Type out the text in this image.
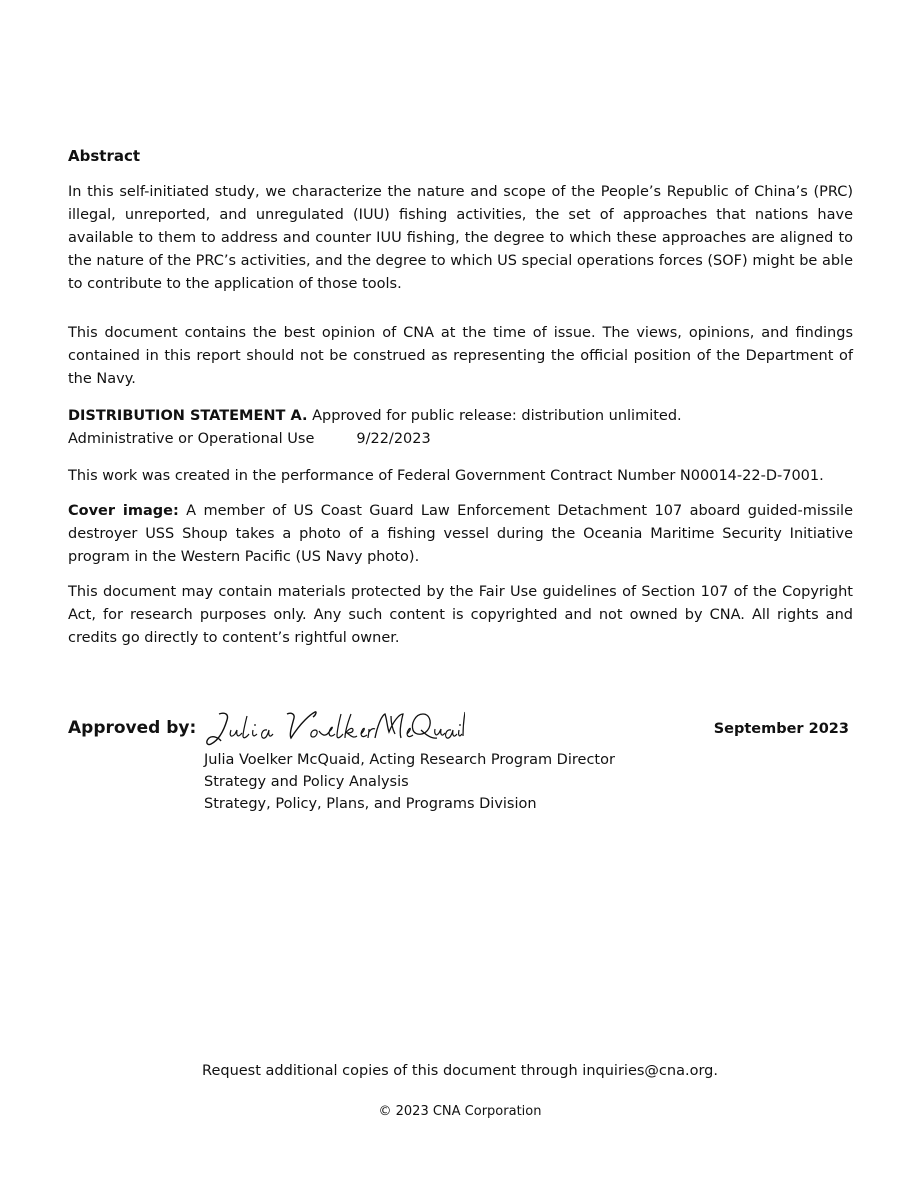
Abstract

In this self-initiated study, we characterize the nature and scope of the People’s Republic of China’s (PRC) illegal, unreported, and unregulated (IUU) fishing activities, the set of approaches that nations have available to them to address and counter IUU fishing, the degree to which these approaches are aligned to the nature of the PRC’s activities, and the degree to which US special operations forces (SOF) might be able to contribute to the application of those tools.

This document contains the best opinion of CNA at the time of issue. The views, opinions, and findings contained in this report should not be construed as representing the official position of the Department of the Navy.

DISTRIBUTION STATEMENT A. Approved for public release: distribution unlimited.
Administrative or Operational Use	9/22/2023

This work was created in the performance of Federal Government Contract Number N00014-22-D-7001.

Cover image: A member of US Coast Guard Law Enforcement Detachment 107 aboard guided-missile destroyer USS Shoup takes a photo of a fishing vessel during the Oceania Maritime Security Initiative program in the Western Pacific (US Navy photo).

This document may contain materials protected by the Fair Use guidelines of Section 107 of the Copyright Act, for research purposes only. Any such content is copyrighted and not owned by CNA. All rights and credits go directly to content’s rightful owner.

Approved by:	September 2023
Julia Voelker McQuaid, Acting Research Program Director
Strategy and Policy Analysis
Strategy, Policy, Plans, and Programs Division
Request additional copies of this document through inquiries@cna.org.
© 2023 CNA Corporation
